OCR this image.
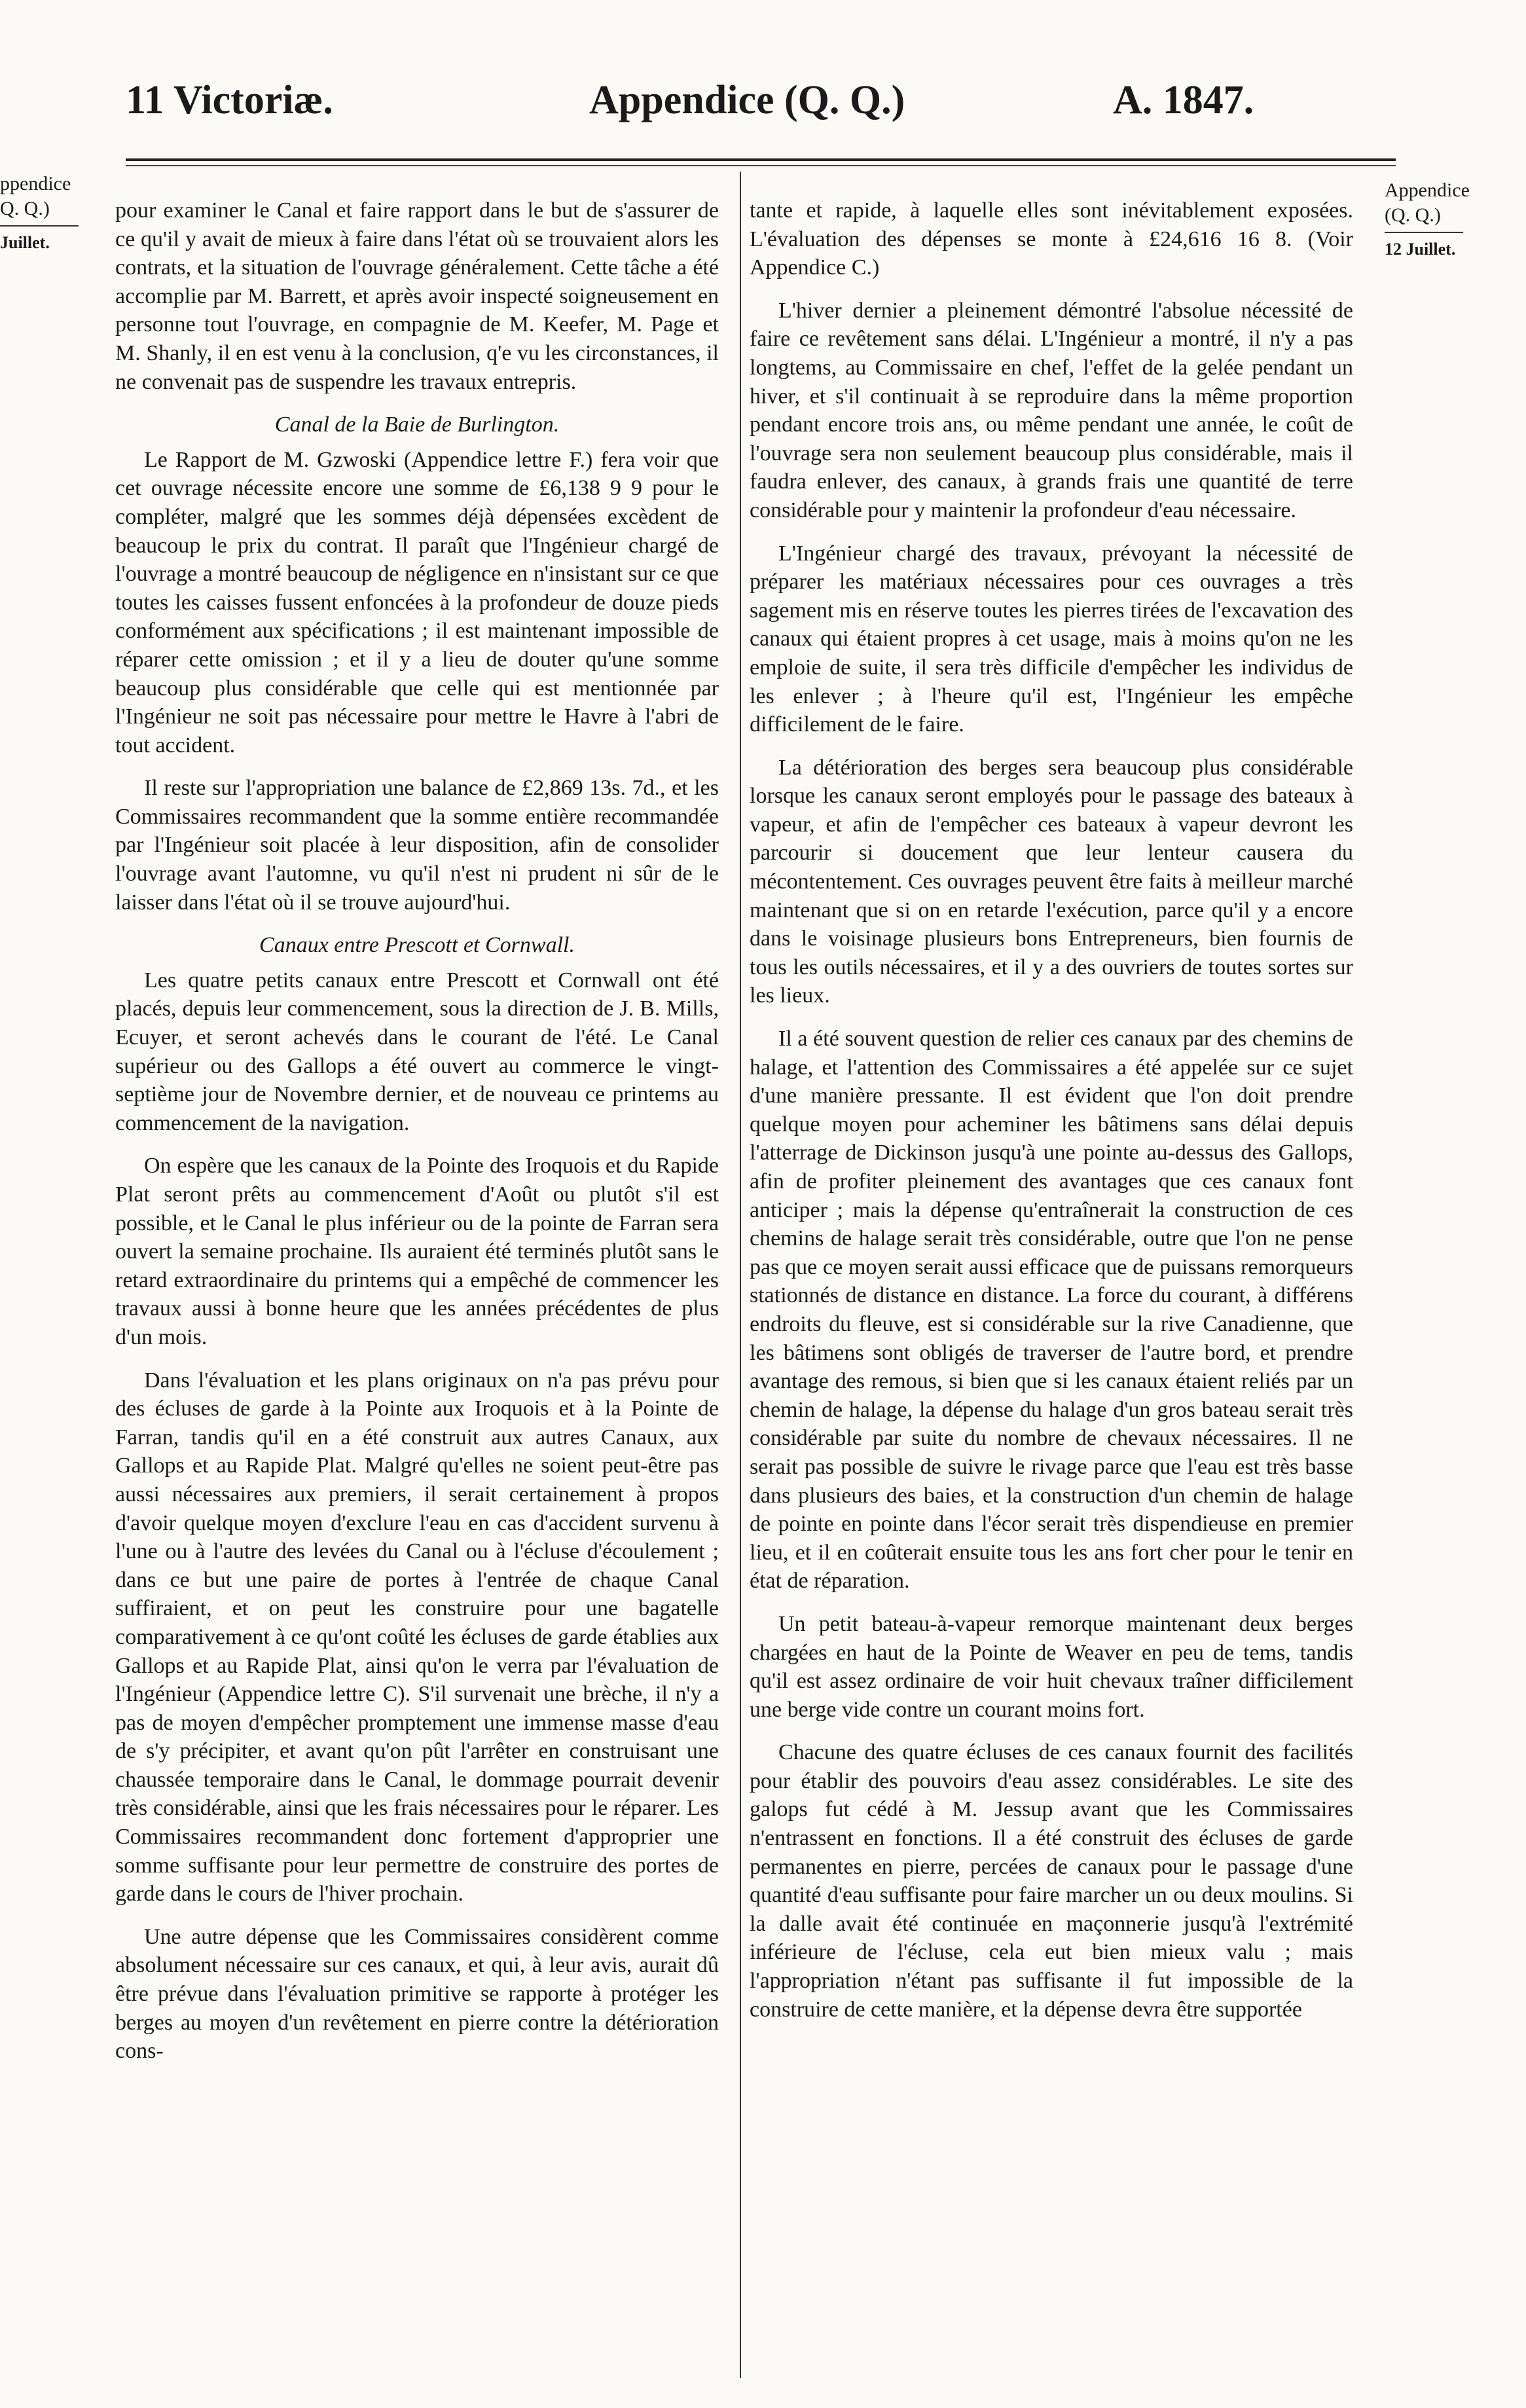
11 Victoriæ.	Appendice (Q. Q.)	A. 1847.
ppendice
Q. Q.)
Juillet.
Appendice
(Q. Q.)
12 Juillet.

pour examiner le Canal et faire rapport dans le but de s'assurer de ce qu'il y avait de mieux à faire dans l'état où se trouvaient alors les contrats, et la situation de l'ouvrage généralement. Cette tâche a été accomplie par M. Barrett, et après avoir inspecté soigneusement en personne tout l'ouvrage, en compagnie de M. Keefer, M. Page et M. Shanly, il en est venu à la conclusion, q'e vu les circonstances, il ne convenait pas de suspendre les travaux entrepris.

Canal de la Baie de Burlington.

Le Rapport de M. Gzwoski (Appendice lettre F.) fera voir que cet ouvrage nécessite encore une somme de £6,138 9 9 pour le compléter, malgré que les sommes déjà dépensées excèdent de beaucoup le prix du contrat. Il paraît que l'Ingénieur chargé de l'ouvrage a montré beaucoup de négligence en n'insistant sur ce que toutes les caisses fussent enfoncées à la profondeur de douze pieds conformément aux spécifications ; il est maintenant impossible de réparer cette omission ; et il y a lieu de douter qu'une somme beaucoup plus considérable que celle qui est mentionnée par l'Ingénieur ne soit pas nécessaire pour mettre le Havre à l'abri de tout accident.

Il reste sur l'appropriation une balance de £2,869 13s. 7d., et les Commissaires recommandent que la somme entière recommandée par l'Ingénieur soit placée à leur disposition, afin de consolider l'ouvrage avant l'automne, vu qu'il n'est ni prudent ni sûr de le laisser dans l'état où il se trouve aujourd'hui.

Canaux entre Prescott et Cornwall.

Les quatre petits canaux entre Prescott et Cornwall ont été placés, depuis leur commencement, sous la direction de J. B. Mills, Ecuyer, et seront achevés dans le courant de l'été. Le Canal supérieur ou des Gallops a été ouvert au commerce le vingt-septième jour de Novembre dernier, et de nouveau ce printems au commencement de la navigation.

On espère que les canaux de la Pointe des Iroquois et du Rapide Plat seront prêts au commencement d'Août ou plutôt s'il est possible, et le Canal le plus inférieur ou de la pointe de Farran sera ouvert la semaine prochaine. Ils auraient été terminés plutôt sans le retard extraordinaire du printems qui a empêché de commencer les travaux aussi à bonne heure que les années précédentes de plus d'un mois.

Dans l'évaluation et les plans originaux on n'a pas prévu pour des écluses de garde à la Pointe aux Iroquois et à la Pointe de Farran, tandis qu'il en a été construit aux autres Canaux, aux Gallops et au Rapide Plat. Malgré qu'elles ne soient peut-être pas aussi nécessaires aux premiers, il serait certainement à propos d'avoir quelque moyen d'exclure l'eau en cas d'accident survenu à l'une ou à l'autre des levées du Canal ou à l'écluse d'écoulement ; dans ce but une paire de portes à l'entrée de chaque Canal suffiraient, et on peut les construire pour une bagatelle comparativement à ce qu'ont coûté les écluses de garde établies aux Gallops et au Rapide Plat, ainsi qu'on le verra par l'évaluation de l'Ingénieur (Appendice lettre C). S'il survenait une brèche, il n'y a pas de moyen d'empêcher promptement une immense masse d'eau de s'y précipiter, et avant qu'on pût l'arrêter en construisant une chaussée temporaire dans le Canal, le dommage pourrait devenir très considérable, ainsi que les frais nécessaires pour le réparer. Les Commissaires recommandent donc fortement d'approprier une somme suffisante pour leur permettre de construire des portes de garde dans le cours de l'hiver prochain.

Une autre dépense que les Commissaires considèrent comme absolument nécessaire sur ces canaux, et qui, à leur avis, aurait dû être prévue dans l'évaluation primitive se rapporte à protéger les berges au moyen d'un revêtement en pierre contre la détérioration cons-

tante et rapide, à laquelle elles sont inévitablement exposées. L'évaluation des dépenses se monte à £24,616 16 8. (Voir Appendice C.)

L'hiver dernier a pleinement démontré l'absolue nécessité de faire ce revêtement sans délai. L'Ingénieur a montré, il n'y a pas longtems, au Commissaire en chef, l'effet de la gelée pendant un hiver, et s'il continuait à se reproduire dans la même proportion pendant encore trois ans, ou même pendant une année, le coût de l'ouvrage sera non seulement beaucoup plus considérable, mais il faudra enlever, des canaux, à grands frais une quantité de terre considérable pour y maintenir la profondeur d'eau nécessaire.

L'Ingénieur chargé des travaux, prévoyant la nécessité de préparer les matériaux nécessaires pour ces ouvrages a très sagement mis en réserve toutes les pierres tirées de l'excavation des canaux qui étaient propres à cet usage, mais à moins qu'on ne les emploie de suite, il sera très difficile d'empêcher les individus de les enlever ; à l'heure qu'il est, l'Ingénieur les empêche difficilement de le faire.

La détérioration des berges sera beaucoup plus considérable lorsque les canaux seront employés pour le passage des bateaux à vapeur, et afin de l'empêcher ces bateaux à vapeur devront les parcourir si doucement que leur lenteur causera du mécontentement. Ces ouvrages peuvent être faits à meilleur marché maintenant que si on en retarde l'exécution, parce qu'il y a encore dans le voisinage plusieurs bons Entrepreneurs, bien fournis de tous les outils nécessaires, et il y a des ouvriers de toutes sortes sur les lieux.

Il a été souvent question de relier ces canaux par des chemins de halage, et l'attention des Commissaires a été appelée sur ce sujet d'une manière pressante. Il est évident que l'on doit prendre quelque moyen pour acheminer les bâtimens sans délai depuis l'atterrage de Dickinson jusqu'à une pointe au-dessus des Gallops, afin de profiter pleinement des avantages que ces canaux font anticiper ; mais la dépense qu'entraînerait la construction de ces chemins de halage serait très considérable, outre que l'on ne pense pas que ce moyen serait aussi efficace que de puissans remorqueurs stationnés de distance en distance. La force du courant, à différens endroits du fleuve, est si considérable sur la rive Canadienne, que les bâtimens sont obligés de traverser de l'autre bord, et prendre avantage des remous, si bien que si les canaux étaient reliés par un chemin de halage, la dépense du halage d'un gros bateau serait très considérable par suite du nombre de chevaux nécessaires. Il ne serait pas possible de suivre le rivage parce que l'eau est très basse dans plusieurs des baies, et la construction d'un chemin de halage de pointe en pointe dans l'écor serait très dispendieuse en premier lieu, et il en coûterait ensuite tous les ans fort cher pour le tenir en état de réparation.

Un petit bateau-à-vapeur remorque maintenant deux berges chargées en haut de la Pointe de Weaver en peu de tems, tandis qu'il est assez ordinaire de voir huit chevaux traîner difficilement une berge vide contre un courant moins fort.

Chacune des quatre écluses de ces canaux fournit des facilités pour établir des pouvoirs d'eau assez considérables. Le site des galops fut cédé à M. Jessup avant que les Commissaires n'entrassent en fonctions. Il a été construit des écluses de garde permanentes en pierre, percées de canaux pour le passage d'une quantité d'eau suffisante pour faire marcher un ou deux moulins. Si la dalle avait été continuée en maçonnerie jusqu'à l'extrémité inférieure de l'écluse, cela eut bien mieux valu ; mais l'appropriation n'étant pas suffisante il fut impossible de la construire de cette manière, et la dépense devra être supportée
